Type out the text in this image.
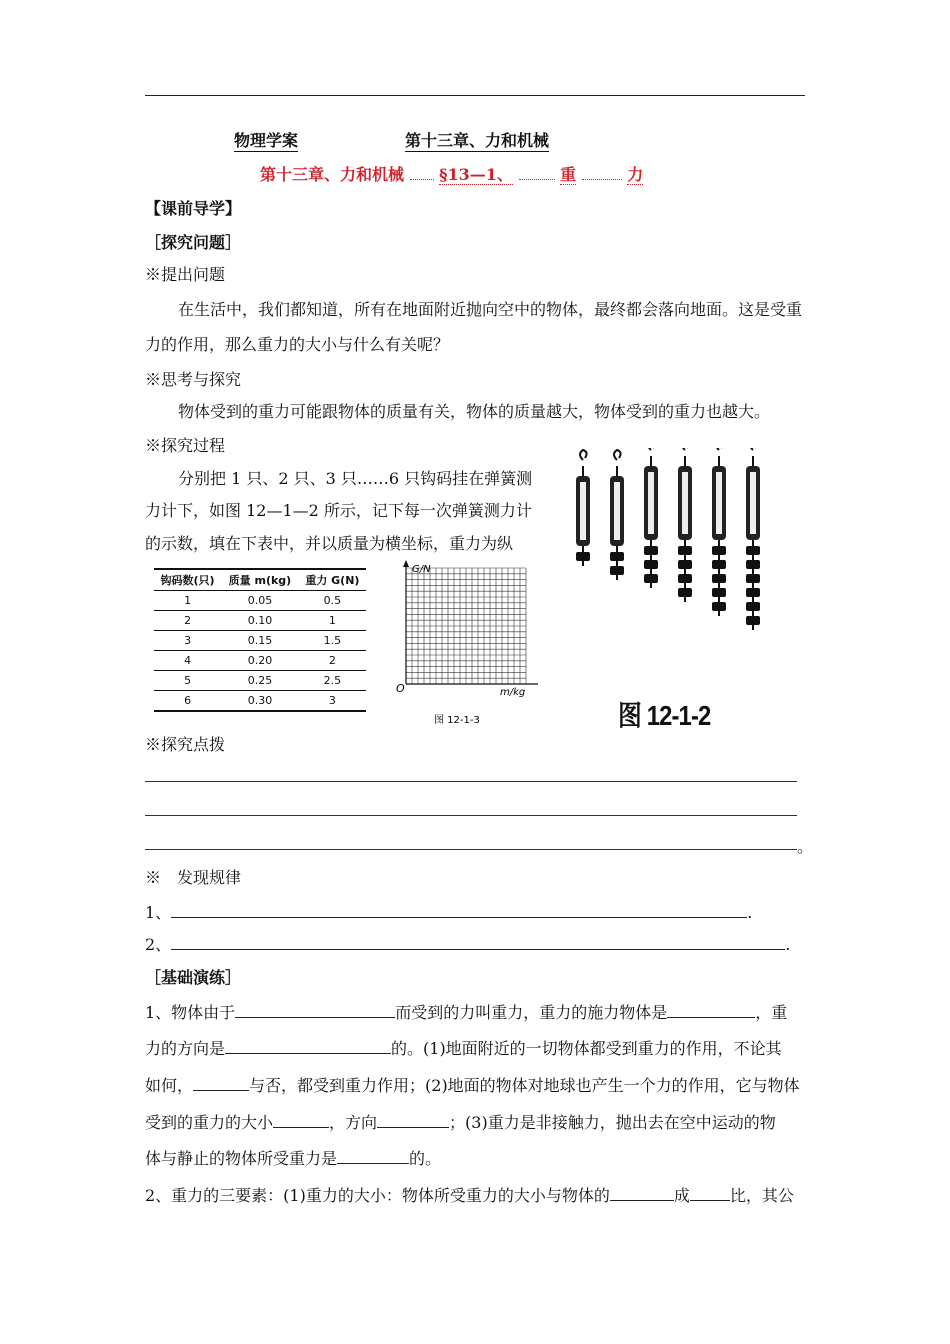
物理学案	第十三章、力和机械
第十三章、力和机械 §13—1、	重	力
【课前导学】
［探究问题］
※提出问题
在生活中，我们都知道，所有在地面附近抛向空中的物体，最终都会落向地面。这是受重
力的作用，那么重力的大小与什么有关呢？
※思考与探究
物体受到的重力可能跟物体的质量有关，物体的质量越大，物体受到的重力也越大。
※探究过程
分别把 1 只、2 只、3 只……6 只钩码挂在弹簧测
力计下，如图 12—1—2 所示，记下每一次弹簧测力计
的示数，填在下表中，并以质量为横坐标，重力为纵
钩码数(只)	质量 m(kg)	重力 G(N)
1	0.05	0.5
2	0.10	1
3	0.15	1.5
4	0.20	2
5	0.25	2.5
6	0.30	3
G/N
m/kg
O
图 12-1-3	图 12-1-2
※探究点拨
。
※　发现规律
1、	.
2、	.
［基础演练］
1、物体由于	而受到的力叫重力，重力的施力物体是	，重
力的方向是	的。(1)地面附近的一切物体都受到重力的作用，不论其
如何，	与否，都受到重力作用；(2)地面的物体对地球也产生一个力的作用，它与物体
受到的重力的大小	，方向	；(3)重力是非接触力，抛出去在空中运动的物
体与静止的物体所受重力是	的。
2、重力的三要素：(1)重力的大小：物体所受重力的大小与物体的	成	比，其公
